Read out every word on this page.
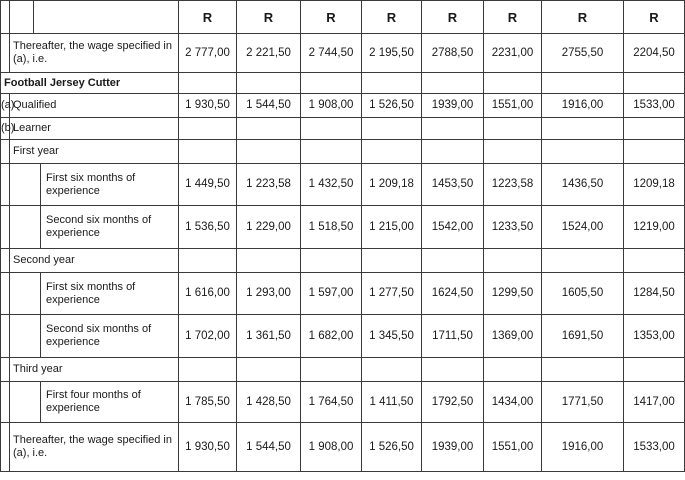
				R	R	R	R	R	R	R	R
	Thereafter, the wage specified in (a), i.e.			2 777,00	2 221,50	2 744,50	2 195,50	2788,50	2231,00	2755,50	2204,50
Football Jersey Cutter											
(a)	Qualified			1 930,50	1 544,50	1 908,00	1 526,50	1939,00	1551,00	1916,00	1533,00
(b)	Learner										
	First year										
			First six months of experience	1 449,50	1 223,58	1 432,50	1 209,18	1453,50	1223,58	1436,50	1209,18
			Second six months of experience	1 536,50	1 229,00	1 518,50	1 215,00	1542,00	1233,50	1524,00	1219,00
	Second year										
			First six months of experience	1 616,00	1 293,00	1 597,00	1 277,50	1624,50	1299,50	1605,50	1284,50
			Second six months of experience	1 702,00	1 361,50	1 682,00	1 345,50	1711,50	1369,00	1691,50	1353,00
	Third year										
			First four months of experience	1 785,50	1 428,50	1 764,50	1 411,50	1792,50	1434,00	1771,50	1417,00
	Thereafter, the wage specified in (a), i.e.			1 930,50	1 544,50	1 908,00	1 526,50	1939,00	1551,00	1916,00	1533,00
